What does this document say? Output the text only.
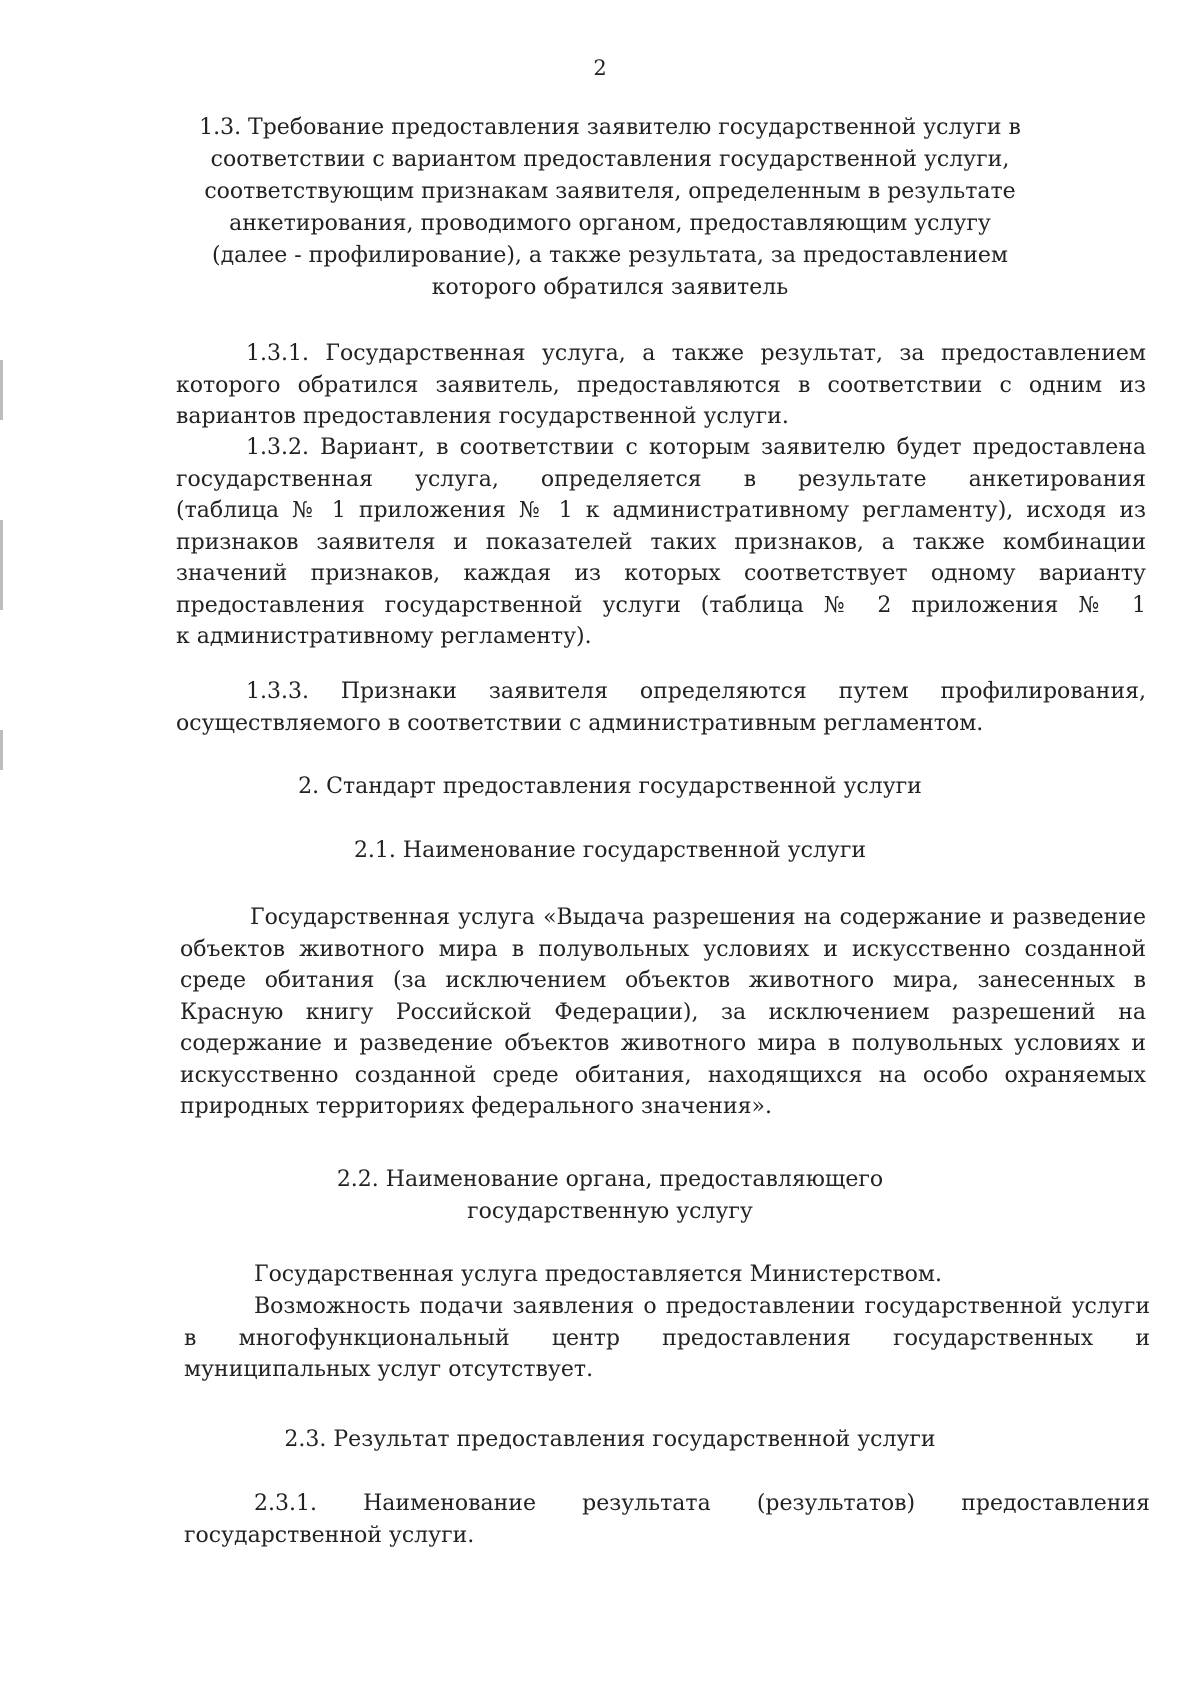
2
1.3. Требование предоставления заявителю государственной услуги в
соответствии с вариантом предоставления государственной услуги,
соответствующим признакам заявителя, определенным в результате
анкетирования, проводимого органом, предоставляющим услугу
(далее - профилирование), а также результата, за предоставлением
которого обратился заявитель
1.3.1. Государственная услуга, а также результат, за предоставлением
которого обратился заявитель, предоставляются в соответствии с одним из
вариантов предоставления государственной услуги.
1.3.2. Вариант, в соответствии с которым заявителю будет предоставлена
государственная услуга, определяется в результате анкетирования
(таблица № 1 приложения № 1 к административному регламенту), исходя из
признаков заявителя и показателей таких признаков, а также комбинации
значений признаков, каждая из которых соответствует одному варианту
предоставления государственной услуги (таблица № 2 приложения № 1
к административному регламенту).
1.3.3. Признаки заявителя определяются путем профилирования,
осуществляемого в соответствии с административным регламентом.
2. Стандарт предоставления государственной услуги
2.1. Наименование государственной услуги
Государственная услуга «Выдача разрешения на содержание и разведение
объектов животного мира в полувольных условиях и искусственно созданной
среде обитания (за исключением объектов животного мира, занесенных в
Красную книгу Российской Федерации), за исключением разрешений на
содержание и разведение объектов животного мира в полувольных условиях и
искусственно созданной среде обитания, находящихся на особо охраняемых
природных территориях федерального значения».
2.2. Наименование органа, предоставляющего
государственную услугу
Государственная услуга предоставляется Министерством.
Возможность подачи заявления о предоставлении государственной услуги
в многофункциональный центр предоставления государственных и
муниципальных услуг отсутствует.
2.3. Результат предоставления государственной услуги
2.3.1. Наименование результата (результатов) предоставления
государственной услуги.
